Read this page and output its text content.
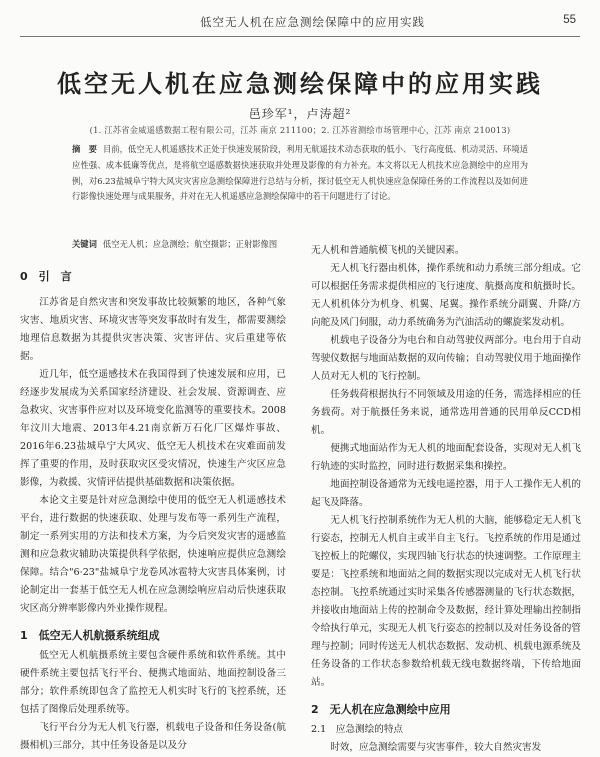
低空无人机在应急测绘保障中的应用实践	55
低空无人机在应急测绘保障中的应用实践
邑珍军¹，卢涛超²
(1. 江苏省金威遥感数据工程有限公司，江苏 南京 211100；2. 江苏省测绘市场管理中心，江苏 南京 210013)
摘　要 目前，低空无人机遥感技术正处于快速发展阶段，利用无航遥技术动态获取的低小、飞行高度低、机动灵活、环境适应性强、成本低廉等优点，是将航空遥感数据快速获取并处理及影像的有力补充。本文将以无人机技术应急测绘中的应用为例，对6.23盐城阜宁特大风灾灾害应急测绘保障进行总结与分析，探讨低空无人机快速应急保障任务的工作流程以及如何进行影像快速处理与成果服务，并对在无人机遥感应急测绘保障中的若干问题进行了讨论。
关键词 低空无人机；应急测绘；航空摄影；正射影像图
0　引　言

江苏省是自然灾害和突发事故比较频繁的地区，各种气象灾害、地质灾害、环境灾害等突发事故时有发生，都需要测绘地理信息数据为其提供灾害决策、灾害评估、灾后重建等依据。

近几年，低空遥感技术在我国得到了快速发展和应用，已经逐步发展成为关系国家经济建设、社会发展、资源调查、应急救灾、灾害事件应对以及环境变化监测等的重要技术。2008年汶川大地震、2013年4.21南京新万石化厂区爆炸事故、2016年6.23盐城阜宁大风灾、低空无人机技术在灾难面前发挥了重要的作用，及时获取灾区受灾情况，快速生产灾区应急影像，为救援、灾情评估提供基础数据和决策依据。

本论文主要是针对应急测绘中使用的低空无人机遥感技术平台，进行数据的快速获取、处理与发布等一系列生产流程，制定一系列实用的方法和技术方案，为今后突发灾害的遥感监测和应急救灾辅助决策提供科学依据，快速响应提供应急测绘保障。结合"6·23"盐城阜宁龙卷风冰雹特大灾害具体案例，讨论制定出一套基于低空无人机在应急测绘响应启动后快速获取灾区高分辨率影像内外业操作规程。

1　低空无人机航摄系统组成

低空无人机航摄系统主要包含硬件系统和软件系统。其中硬件系统主要包括飞行平台、便携式地面站、地面控制设备三部分；软件系统即包含了监控无人机实时飞行的飞控系统，还包括了图像后处理系统等。

飞行平台分为无人机飞行器，机载电子设备和任务设备(航摄相机)三部分，其中任务设备是以及分

无人机和普通航模飞机的关键因素。

无人机飞行器由机体，操作系统和动力系统三部分组成。它可以根据任务需求提供相应的飞行速度、航摄高度和航摄时长。无人机机体分为机身、机翼、尾翼。操作系统分副翼、升降/方向舵及风门伺服，动力系统确务为汽油活动的螺旋桨发动机。

机载电子设备分为电台和自动驾驶仪两部分。电台用于自动驾驶仪数据与地面站数据的双向传输；自动驾驶仪用于地面操作人员对无人机的飞行控制。

任务载荷根据执行不同领域及用途的任务，需选择相应的任务载荷。对于航摄任务来说，通常选用普通的民用单反CCD相机。

便携式地面站作为无人机的地面配套设备，实现对无人机飞行轨迹的实时监控，同时进行数据采集和操控。

地面控制设备通常为无线电遥控器，用于人工操作无人机的起飞及降落。

无人机飞行控制系统作为无人机的大脑，能够稳定无人机飞行姿态，控制无人机自主或半自主飞行。飞控系统的作用是通过飞控板上的陀螺仪，实现四轴飞行状态的快速调整。工作原理主要是：飞控系统和地面站之间的数据实现以完成对无人机飞行状态控制。飞控系统通过实时采集各传感器测量的飞行状态数据，并接收由地面站上传的控制命令及数据，经计算处理输出控制指令给执行单元，实现无人机飞行姿态的控制以及对任务设备的管理与控制；同时传送无人机状态数据、发动机、机载电源系统及任务设备的工作状态参数给机载无线电数据终端，下传给地面站。

2　无人机在应急测绘中应用
2.1　应急测绘的特点

时效，应急测绘需要与灾害事件，较大自然灾害发
